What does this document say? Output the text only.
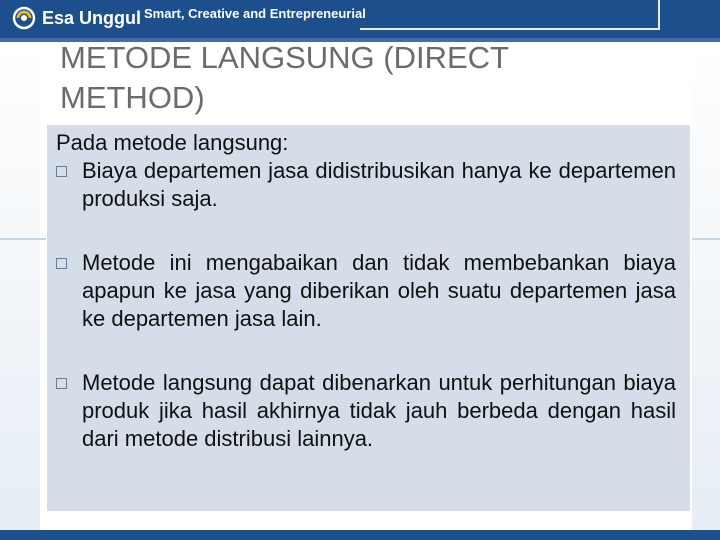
Esa Unggul Smart, Creative and Entrepreneurial
METODE LANGSUNG (DIRECT METHOD)
Pada metode langsung:
Biaya departemen jasa didistribusikan hanya ke departemen produksi saja.
Metode ini mengabaikan dan tidak membebankan biaya apapun ke jasa yang diberikan oleh suatu departemen jasa ke departemen jasa lain.
Metode langsung dapat dibenarkan untuk perhitungan biaya produk jika hasil akhirnya tidak jauh berbeda dengan hasil dari metode distribusi lainnya.
